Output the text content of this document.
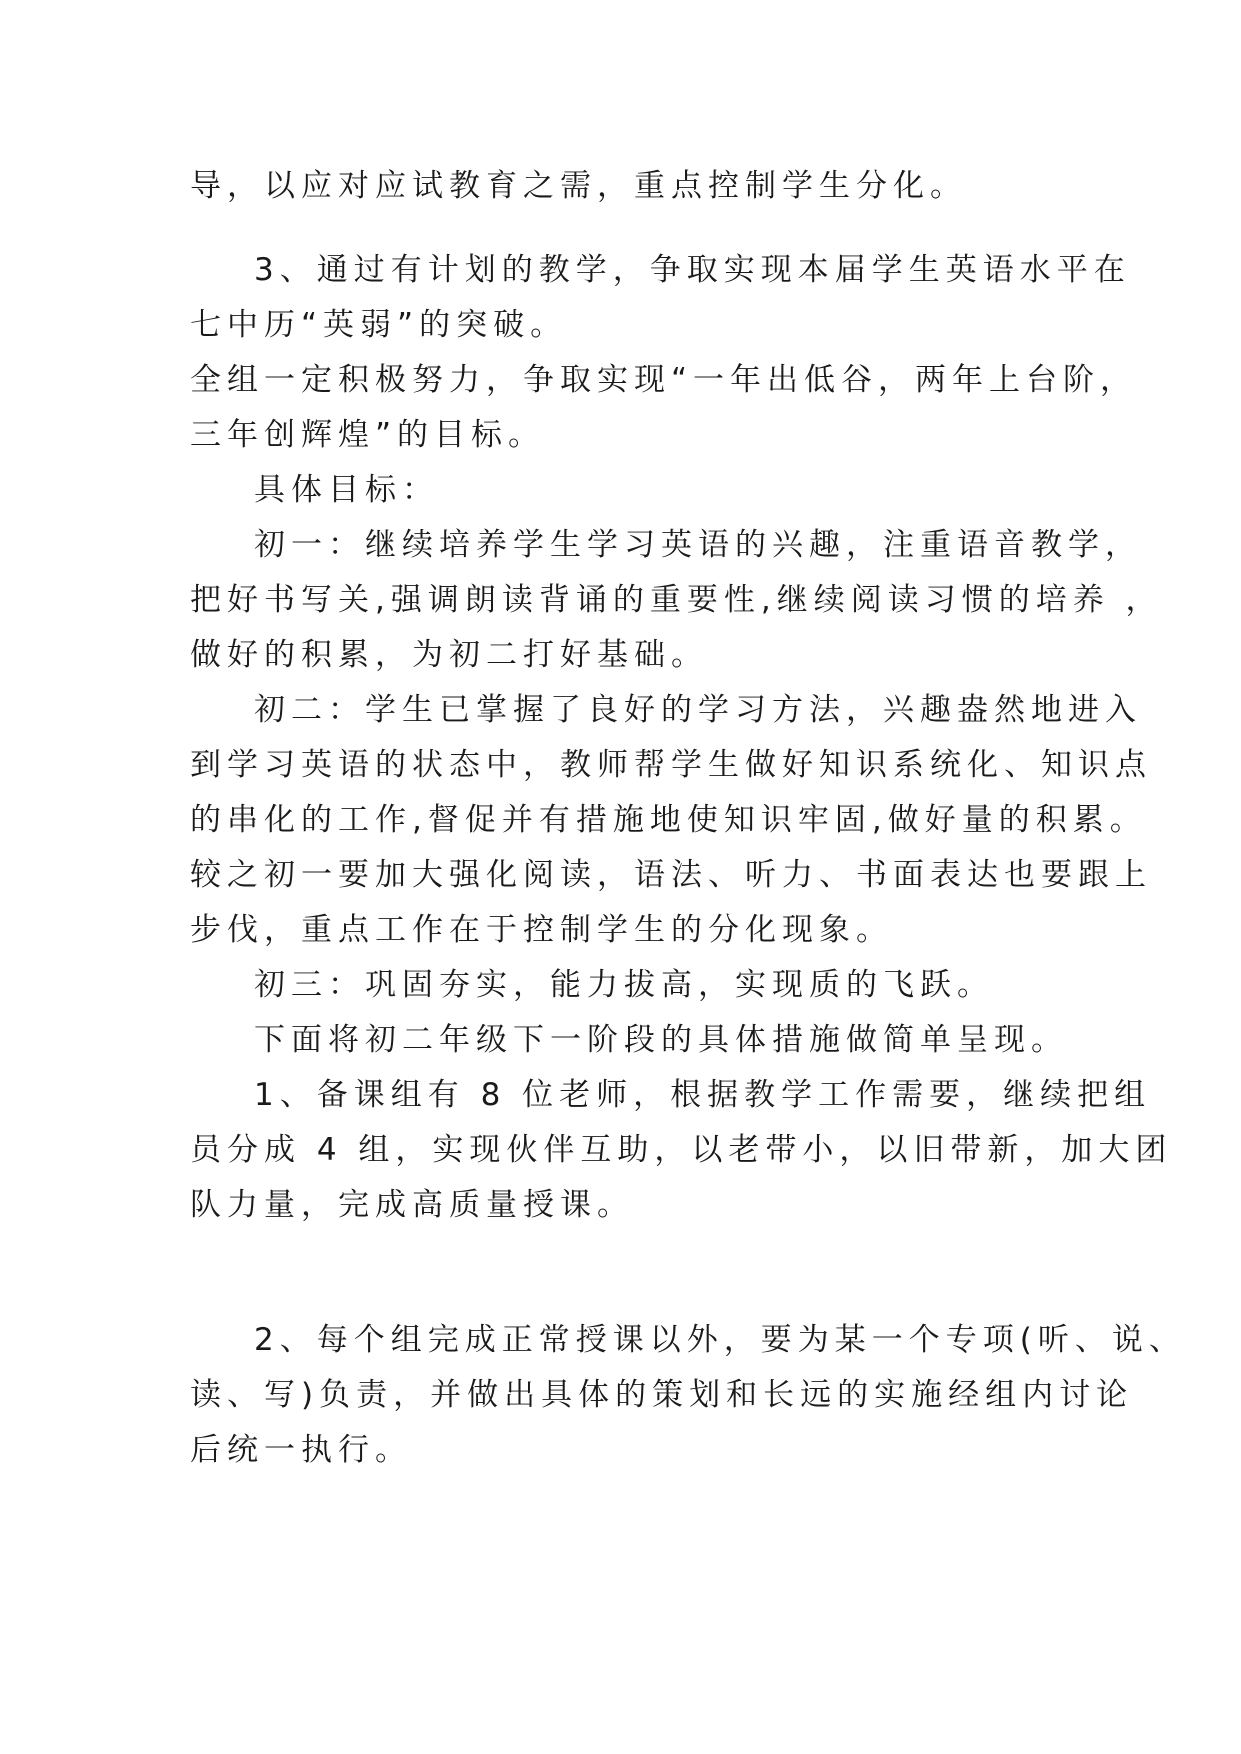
导，以应对应试教育之需，重点控制学生分化。

3、通过有计划的教学，争取实现本届学生英语水平在

七中历“英弱”的突破。

全组一定积极努力，争取实现“一年出低谷，两年上台阶，

三年创辉煌”的目标。

具体目标：

初一：继续培养学生学习英语的兴趣，注重语音教学，

把好书写关,强调朗读背诵的重要性,继续阅读习惯的培养 ，

做好的积累，为初二打好基础。

初二：学生已掌握了良好的学习方法，兴趣盎然地进入

到学习英语的状态中，教师帮学生做好知识系统化、知识点

的串化的工作,督促并有措施地使知识牢固,做好量的积累。

较之初一要加大强化阅读，语法、听力、书面表达也要跟上

步伐，重点工作在于控制学生的分化现象。

初三：巩固夯实，能力拔高，实现质的飞跃。

下面将初二年级下一阶段的具体措施做简单呈现。

1、备课组有 8 位老师，根据教学工作需要，继续把组

员分成 4 组，实现伙伴互助，以老带小，以旧带新，加大团

队力量，完成高质量授课。

2、每个组完成正常授课以外，要为某一个专项(听、说、

读、写)负责，并做出具体的策划和长远的实施经组内讨论

后统一执行。
